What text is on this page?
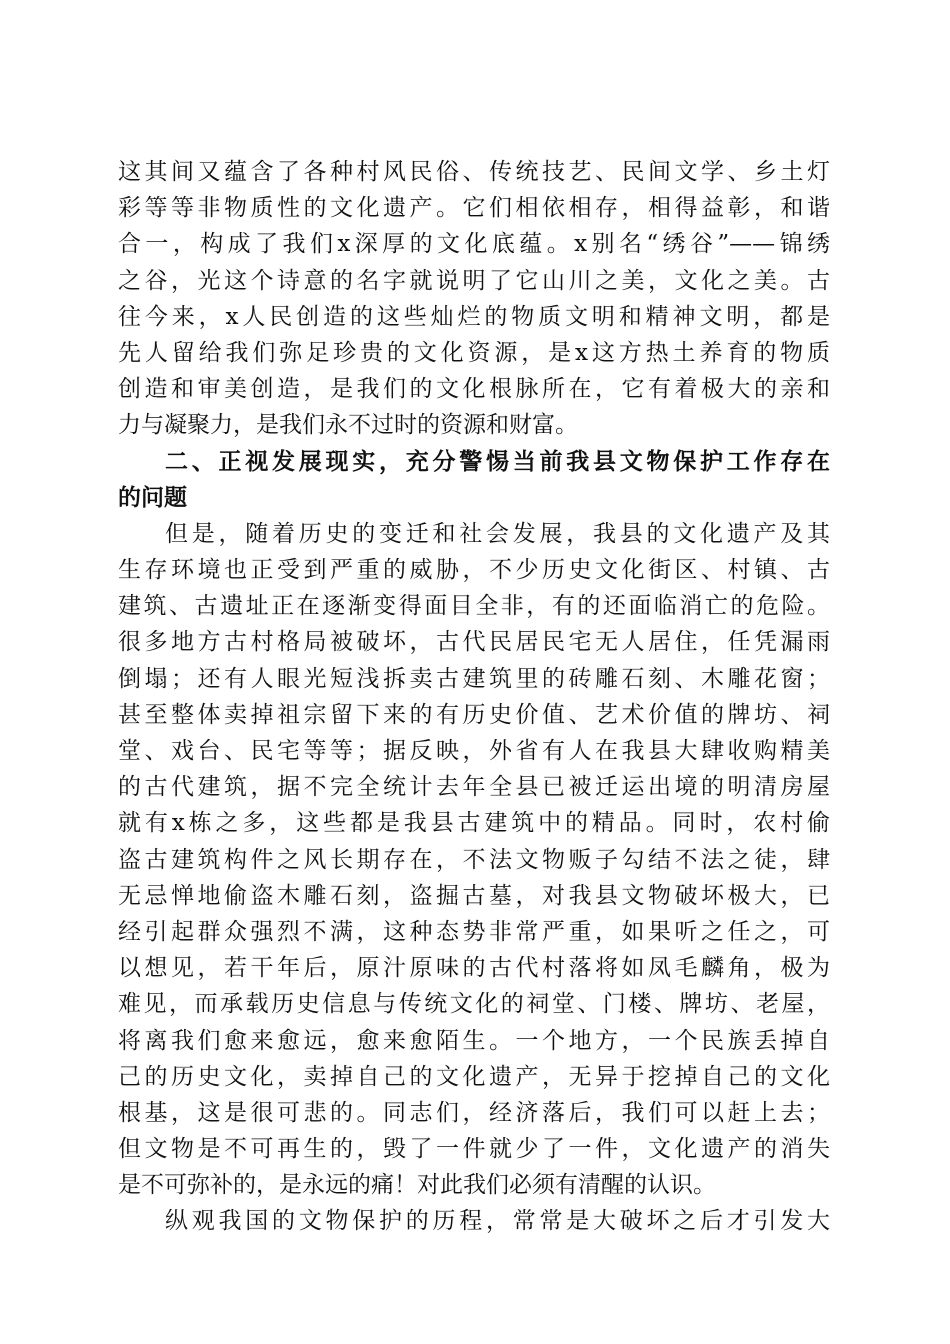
这其间又蕴含了各种村风民俗、传统技艺、民间文学、乡土灯
彩等等非物质性的文化遗产。它们相依相存，相得益彰，和谐
合一，构成了我们x深厚的文化底蕴。x别名“绣谷”——锦绣
之谷，光这个诗意的名字就说明了它山川之美，文化之美。古
往今来，x人民创造的这些灿烂的物质文明和精神文明，都是
先人留给我们弥足珍贵的文化资源，是x这方热土养育的物质
创造和审美创造，是我们的文化根脉所在，它有着极大的亲和
力与凝聚力，是我们永不过时的资源和财富。
二、正视发展现实，充分警惕当前我县文物保护工作存在
的问题
但是，随着历史的变迁和社会发展，我县的文化遗产及其
生存环境也正受到严重的威胁，不少历史文化街区、村镇、古
建筑、古遗址正在逐渐变得面目全非，有的还面临消亡的危险。
很多地方古村格局被破坏，古代民居民宅无人居住，任凭漏雨
倒塌；还有人眼光短浅拆卖古建筑里的砖雕石刻、木雕花窗；
甚至整体卖掉祖宗留下来的有历史价值、艺术价值的牌坊、祠
堂、戏台、民宅等等；据反映，外省有人在我县大肆收购精美
的古代建筑，据不完全统计去年全县已被迁运出境的明清房屋
就有x栋之多，这些都是我县古建筑中的精品。同时，农村偷
盗古建筑构件之风长期存在，不法文物贩子勾结不法之徒，肆
无忌惮地偷盗木雕石刻，盗掘古墓，对我县文物破坏极大，已
经引起群众强烈不满，这种态势非常严重，如果听之任之，可
以想见，若干年后，原汁原味的古代村落将如凤毛麟角，极为
难见，而承载历史信息与传统文化的祠堂、门楼、牌坊、老屋，
将离我们愈来愈远，愈来愈陌生。一个地方，一个民族丢掉自
己的历史文化，卖掉自己的文化遗产，无异于挖掉自己的文化
根基，这是很可悲的。同志们，经济落后，我们可以赶上去；
但文物是不可再生的，毁了一件就少了一件，文化遗产的消失
是不可弥补的，是永远的痛！对此我们必须有清醒的认识。
纵观我国的文物保护的历程，常常是大破坏之后才引发大
